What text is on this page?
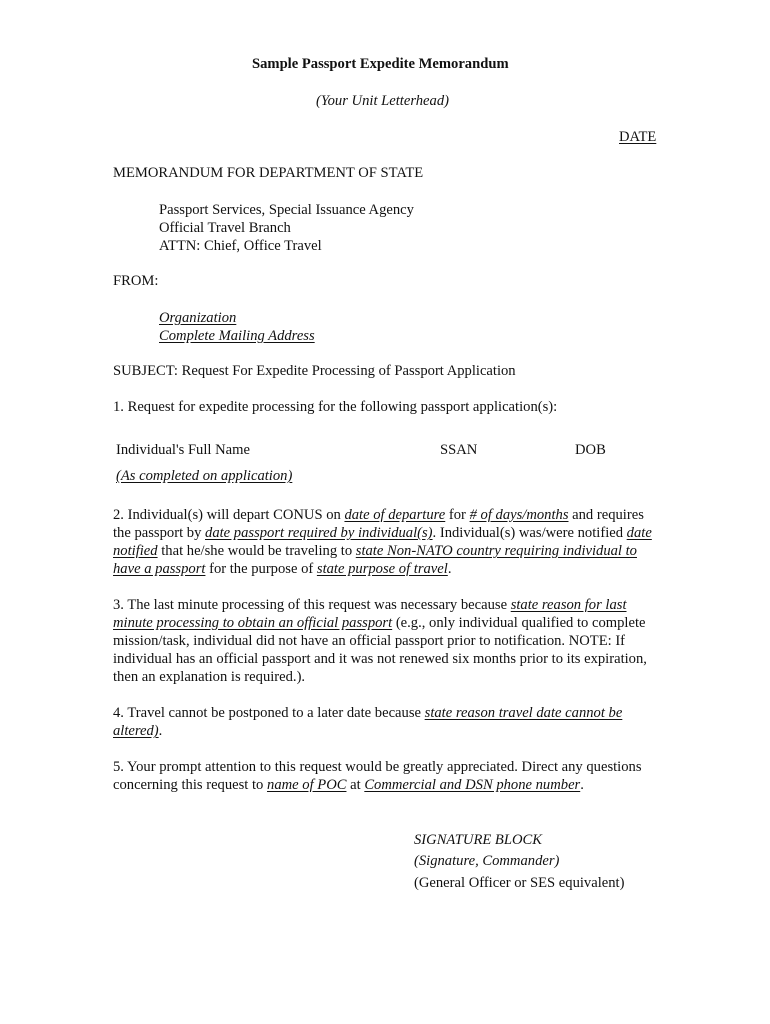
Sample Passport Expedite Memorandum
(Your Unit Letterhead)
DATE
MEMORANDUM FOR DEPARTMENT OF STATE
Passport Services, Special Issuance Agency
Official Travel Branch
ATTN: Chief, Office Travel
FROM:
Organization
Complete Mailing Address
SUBJECT: Request For Expedite Processing of Passport Application
1. Request for expedite processing for the following passport application(s):
Individual's Full Name	SSAN	DOB
(As completed on application)
2. Individual(s) will depart CONUS on date of departure for # of days/months and requires the passport by date passport required by individual(s). Individual(s) was/were notified date notified that he/she would be traveling to state Non-NATO country requiring individual to have a passport for the purpose of state purpose of travel.
3. The last minute processing of this request was necessary because state reason for last minute processing to obtain an official passport (e.g., only individual qualified to complete mission/task, individual did not have an official passport prior to notification. NOTE: If individual has an official passport and it was not renewed six months prior to its expiration, then an explanation is required.).
4. Travel cannot be postponed to a later date because state reason travel date cannot be altered).
5. Your prompt attention to this request would be greatly appreciated. Direct any questions concerning this request to name of POC at Commercial and DSN phone number.
SIGNATURE BLOCK
(Signature, Commander)
(General Officer or SES equivalent)
